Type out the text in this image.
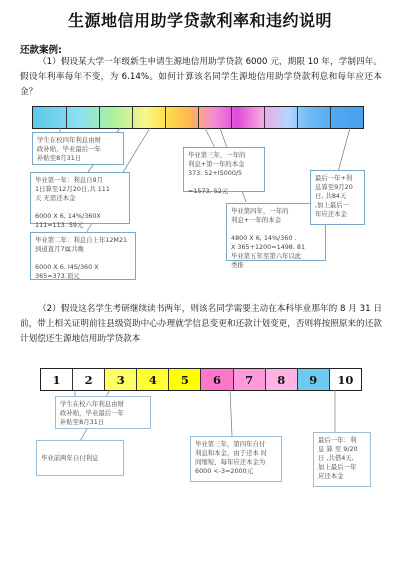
生源地信用助学贷款利率和违约说明
还款案例:
（1）假设某大学一年级新生申请生源地信用助学贷款 6000 元，期限 10 年，学制四年。假设年利率每年不变，为 6.14%。如何计算该名同学生源地信用助学贷款利息和每年应还本金？
学生在校四年利息由财
政补贴，毕业最后一年
补贴至8月31日
毕业第一年：利息自9月
1日算至12月20日,共 111
天 无需还本金

6000 X 6, 14%/360X
111=113. 59元
毕业第二年：利息自上年12M21
到道直月7属共晚

6000 X 6. I4S/360 X
365=373.顶元
毕业第三年，一年的
利息+第一年的本金
373. 52+IS000/5

=1573. 52元
毕业第四年，一年的
利息+一年的本金

4800 X 6, 14%/360 .
X 365+1200=1498. 81
毕业第五年至第六年以此
类推
最后一年+利
息算至9月20
日, 共84天
,加上最后一
年应还本金
（2）假设这名学生考研继续读书两年，则该名同学需要主动在本科毕业那年的 8 月 31 日前，带上相关证明前往县级资助中心办理就学信息变更和还款计划变更，否则将按照原来的还款计划偿还生源地信用助学贷款本
1	2	3	4	5	6	7	8	9	10
学生在校六年利息由财
政补贴，毕业最后一年
补贴至8月31日
毕业前两年自付利息
毕业第三年，第四年自付
利息和本金，由于还本 时
间缩短，每年应还本金为
6000 <-3=2000元
最后一年：利
息 算 至 9/20
日 ,共借4天,
加上最后一年
应还本金
